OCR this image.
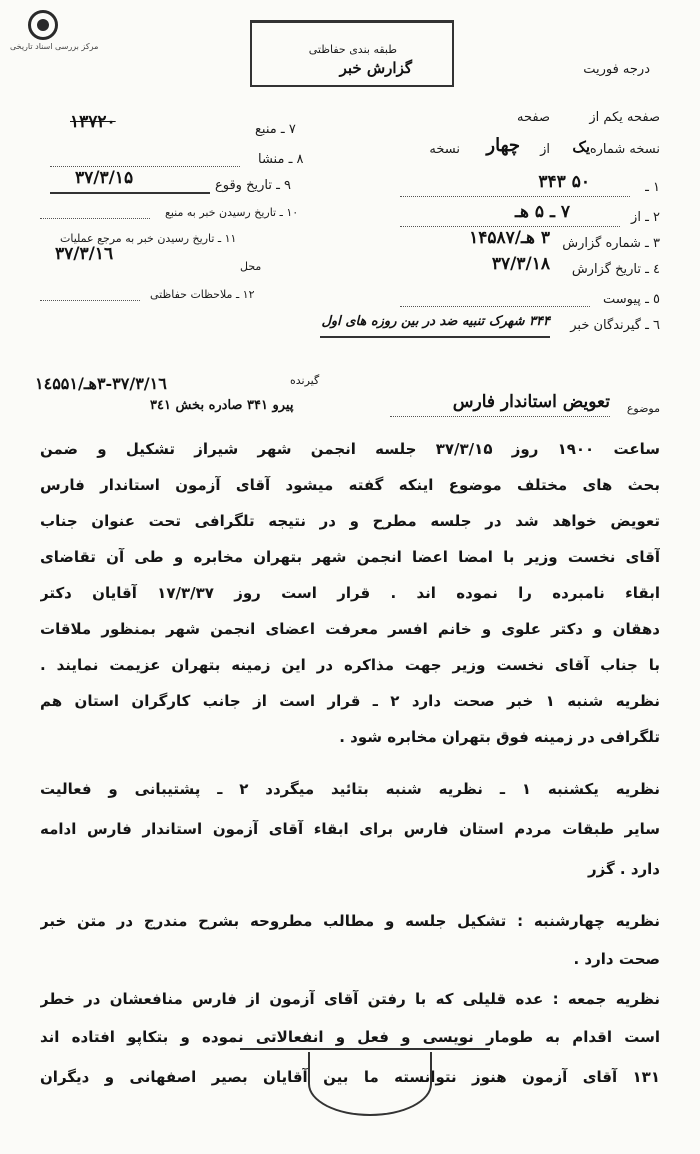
مرکز بررسی اسناد تاریخی
درجه فوریت
طبقه بندی حفاظتی
گزارش خبر
صفحه یکم از
صفحه
نسخه شماره
یک
از
چهار
نسخه
۱ ـ
۳۴۳ ۵۰
۲ ـ از
۷ ـ ۵ هـ
۳ ـ شماره گزارش
۳ هـ/۱۴۵۸۷
٤ ـ تاریخ گزارش
۳۷/۳/۱۸
٥ ـ پیوست
٦ ـ گیرندگان خبر
۳۴۴ شهرک تنبیه ضد در بین روزه های اول
۷ ـ منبع
۱۳۷۲۰
۸ ـ منشا
۹ ـ تاریخ وقوع
۳۷/۳/۱۵
۱۰ ـ تاریخ رسیدن خبر به منبع
۱۱ ـ تاریخ رسیدن خبر به مرجع عملیات
۳۷/۳/۱٦
محل
۱۲ ـ ملاحظات حفاظتی
موضوع
تعویض استاندار فارس
۳۷/۳/۱٦-۳هـ/۱٤۵۵۱	گیرنده
پیرو ۳۴۱ صادره بخش ۳٤١
ساعت ۱۹۰۰ روز ۳۷/۳/۱۵ جلسه انجمن شهر شیراز تشکیل و ضمن
بحث های مختلف موضوع اینکه گفته میشود آقای آزمون استاندار فارس
تعویض خواهد شد در جلسه مطرح و در نتیجه تلگرافی تحت عنوان جناب
آقای نخست وزیر با امضا اعضا انجمن شهر بتهران مخابره و طی آن تقاضای
ابقاء نامبرده را نموده اند . قرار است روز ۱۷/۳/۳۷ آقایان دکتر
دهقان و دکتر علوی و خانم افسر معرفت اعضای انجمن شهر بمنظور ملاقات
با جناب آقای نخست وزیر جهت مذاکره در این زمینه بتهران عزیمت نمایند .
نظریه شنبه ۱ خبر صحت دارد ۲ ـ قرار است از جانب کارگران استان هم
تلگرافی در زمینه فوق بتهران مخابره شود .
نظریه یکشنبه ۱ ـ نظریه شنبه بتائید میگردد ۲ ـ پشتیبانی و فعالیت
سایر طبقات مردم استان فارس برای ابقاء آقای آزمون استاندار فارس ادامه
دارد . گزر
نظریه چهارشنبه : تشکیل جلسه و مطالب مطروحه بشرح مندرج در متن خبر
صحت دارد .
نظریه جمعه : عده قلیلی که با رفتن آقای آزمون از فارس منافعشان در خطر
است اقدام به طومار نویسی و فعل و انفعالاتی نموده و بتکاپو افتاده اند
۱۳۱ آقای آزمون هنوز نتوانسته ما بین آقایان بصیر اصفهانی و دیگران
